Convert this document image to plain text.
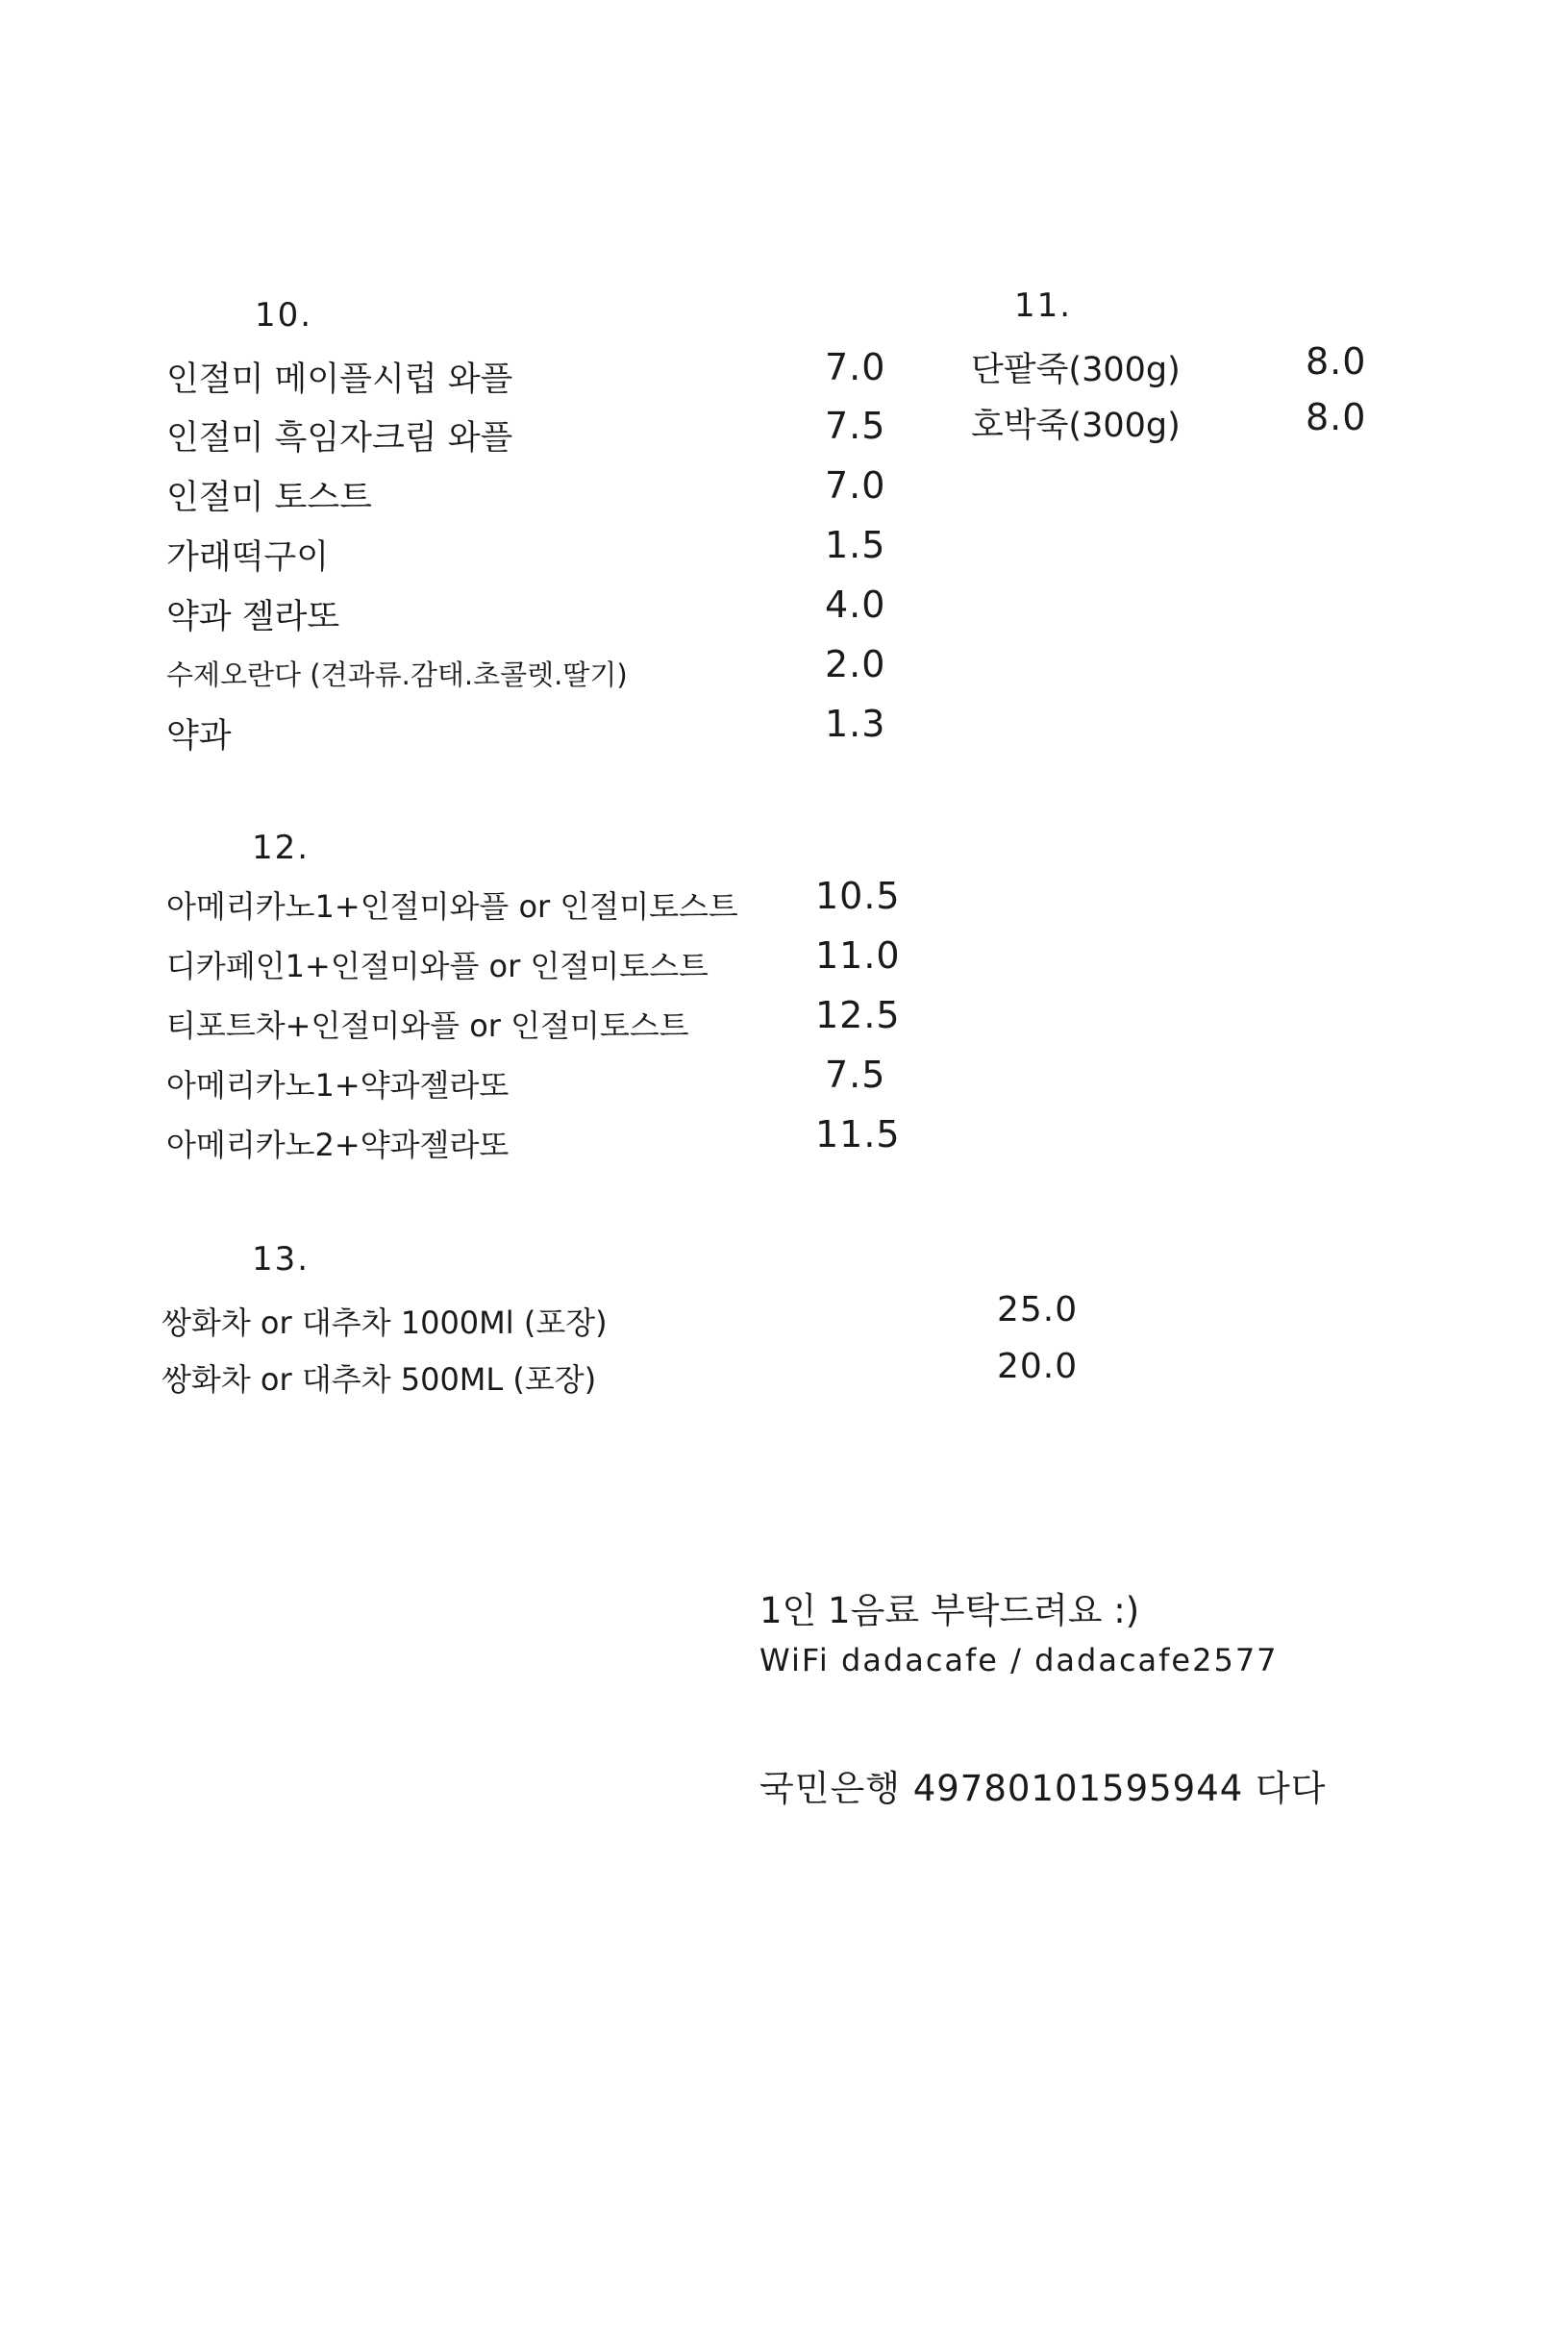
10.
인절미 메이플시럽 와플	7.0
인절미 흑임자크림 와플	7.5
인절미 토스트	7.0
가래떡구이	1.5
약과 젤라또	4.0
수제오란다 (견과류.감태.초콜렛.딸기)	2.0
약과	1.3
11.
단팥죽(300g)	8.0
호박죽(300g)	8.0
12.
아메리카노1+인절미와플 or 인절미토스트 10.5
디카페인1+인절미와플 or 인절미토스트	11.0
티포트차+인절미와플 or 인절미토스트	12.5
아메리카노1+약과젤라또	7.5
아메리카노2+약과젤라또	11.5
13.
쌍화차 or 대추차 1000Ml (포장)	25.0
쌍화차 or 대추차 500ML (포장)	20.0
1인 1음료 부탁드려요 :)
WiFi dadacafe / dadacafe2577
국민은행 49780101595944 다다
